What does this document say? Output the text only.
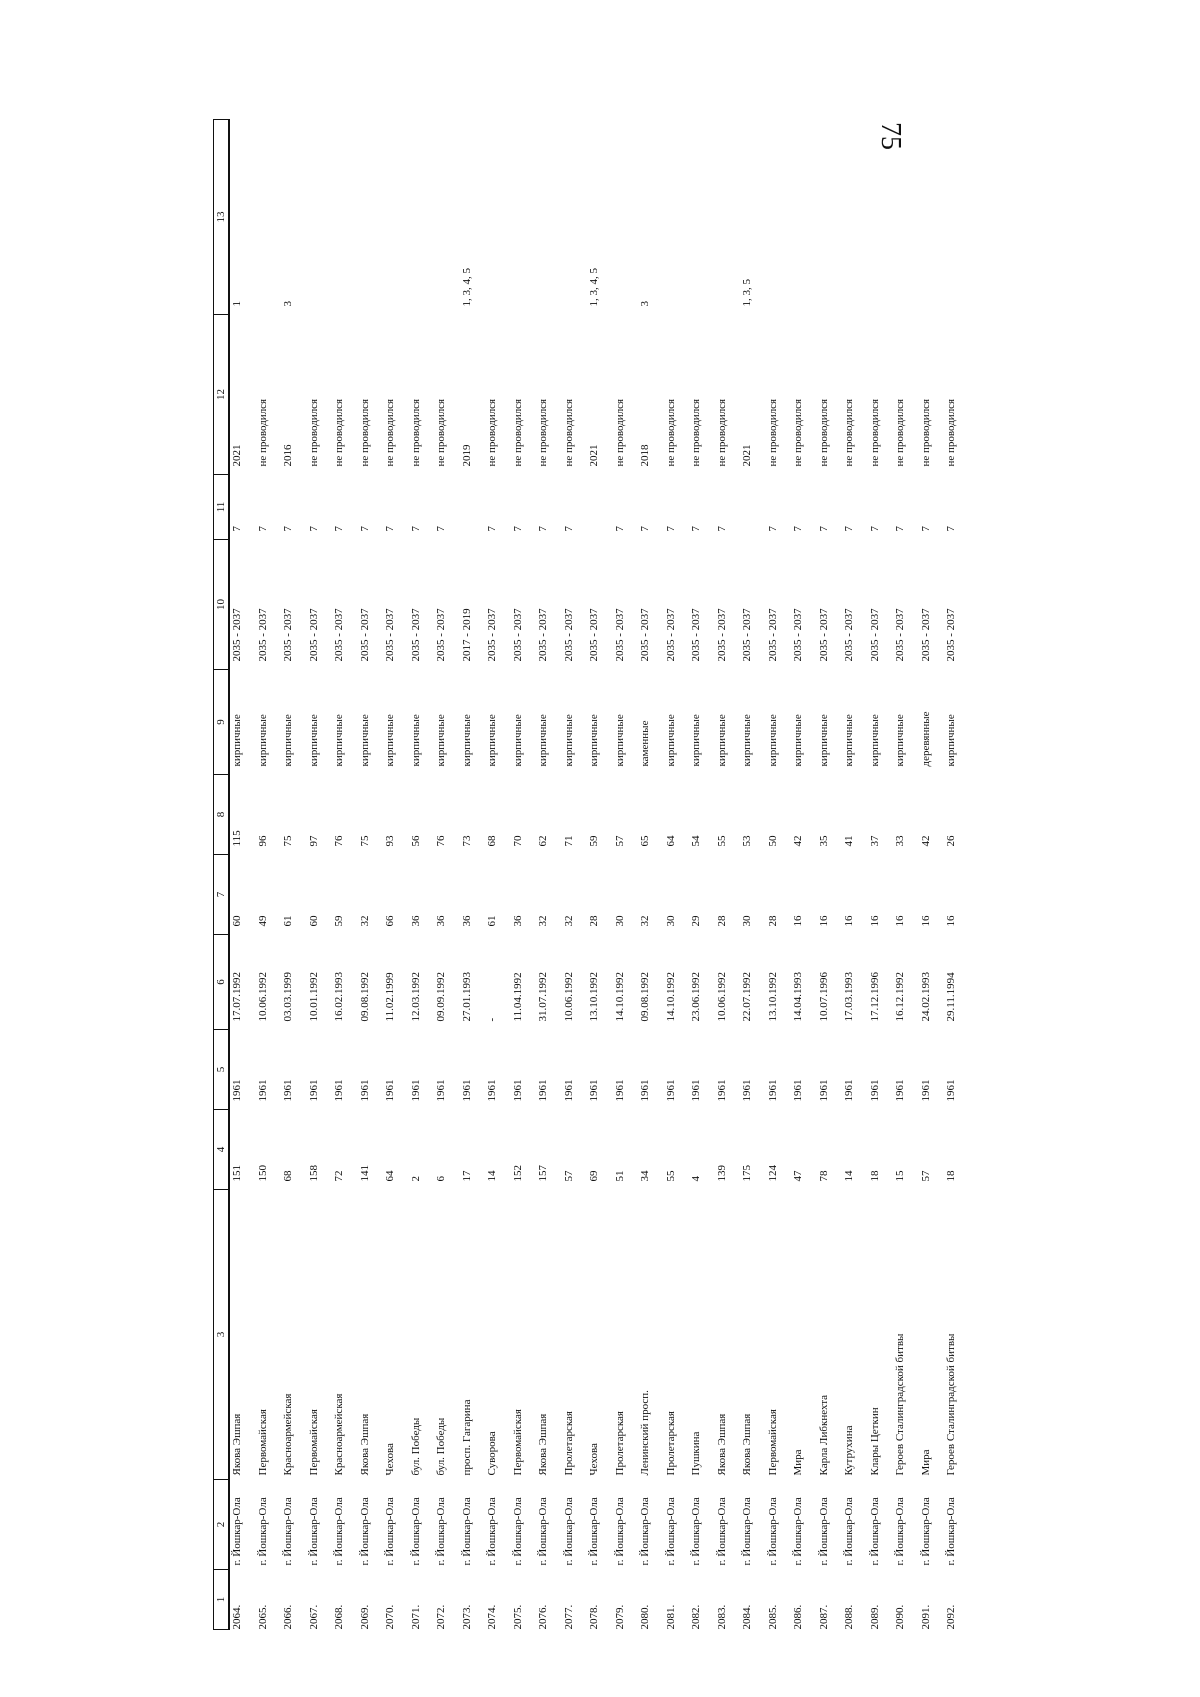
75
1	2	3	4	5	6	7	8	9	10	11	12	13
2064.	г. Йошкар-Ола	Якова Эшпая	151	1961	17.07.1992	60	115	кирпичные	2035 - 2037	7	2021	1
2065.	г. Йошкар-Ола	Первомайская	150	1961	10.06.1992	49	96	кирпичные	2035 - 2037	7	не проводился	
2066.	г. Йошкар-Ола	Красноармейская	68	1961	03.03.1999	61	75	кирпичные	2035 - 2037	7	2016	3
2067.	г. Йошкар-Ола	Первомайская	158	1961	10.01.1992	60	97	кирпичные	2035 - 2037	7	не проводился	
2068.	г. Йошкар-Ола	Красноармейская	72	1961	16.02.1993	59	76	кирпичные	2035 - 2037	7	не проводился	
2069.	г. Йошкар-Ола	Якова Эшпая	141	1961	09.08.1992	32	75	кирпичные	2035 - 2037	7	не проводился	
2070.	г. Йошкар-Ола	Чехова	64	1961	11.02.1999	66	93	кирпичные	2035 - 2037	7	не проводился	
2071.	г. Йошкар-Ола	бул. Победы	2	1961	12.03.1992	36	56	кирпичные	2035 - 2037	7	не проводился	
2072.	г. Йошкар-Ола	бул. Победы	6	1961	09.09.1992	36	76	кирпичные	2035 - 2037	7	не проводился	
2073.	г. Йошкар-Ола	просп. Гагарина	17	1961	27.01.1993	36	73	кирпичные	2017 - 2019		2019	1, 3, 4, 5
2074.	г. Йошкар-Ола	Суворова	14	1961	-	61	68	кирпичные	2035 - 2037	7	не проводился	
2075.	г. Йошкар-Ола	Первомайская	152	1961	11.04.1992	36	70	кирпичные	2035 - 2037	7	не проводился	
2076.	г. Йошкар-Ола	Якова Эшпая	157	1961	31.07.1992	32	62	кирпичные	2035 - 2037	7	не проводился	
2077.	г. Йошкар-Ола	Пролетарская	57	1961	10.06.1992	32	71	кирпичные	2035 - 2037	7	не проводился	
2078.	г. Йошкар-Ола	Чехова	69	1961	13.10.1992	28	59	кирпичные	2035 - 2037		2021	1, 3, 4, 5
2079.	г. Йошкар-Ола	Пролетарская	51	1961	14.10.1992	30	57	кирпичные	2035 - 2037	7	не проводился	
2080.	г. Йошкар-Ола	Ленинский просп.	34	1961	09.08.1992	32	65	каменные	2035 - 2037	7	2018	3
2081.	г. Йошкар-Ола	Пролетарская	55	1961	14.10.1992	30	64	кирпичные	2035 - 2037	7	не проводился	
2082.	г. Йошкар-Ола	Пушкина	4	1961	23.06.1992	29	54	кирпичные	2035 - 2037	7	не проводился	
2083.	г. Йошкар-Ола	Якова Эшпая	139	1961	10.06.1992	28	55	кирпичные	2035 - 2037	7	не проводился	
2084.	г. Йошкар-Ола	Якова Эшпая	175	1961	22.07.1992	30	53	кирпичные	2035 - 2037		2021	1, 3, 5
2085.	г. Йошкар-Ола	Первомайская	124	1961	13.10.1992	28	50	кирпичные	2035 - 2037	7	не проводился	
2086.	г. Йошкар-Ола	Мира	47	1961	14.04.1993	16	42	кирпичные	2035 - 2037	7	не проводился	
2087.	г. Йошкар-Ола	Карла Либкнехта	78	1961	10.07.1996	16	35	кирпичные	2035 - 2037	7	не проводился	
2088.	г. Йошкар-Ола	Кутрухина	14	1961	17.03.1993	16	41	кирпичные	2035 - 2037	7	не проводился	
2089.	г. Йошкар-Ола	Клары Цеткин	18	1961	17.12.1996	16	37	кирпичные	2035 - 2037	7	не проводился	
2090.	г. Йошкар-Ола	Героев Сталинградской битвы	15	1961	16.12.1992	16	33	кирпичные	2035 - 2037	7	не проводился	
2091.	г. Йошкар-Ола	Мира	57	1961	24.02.1993	16	42	деревянные	2035 - 2037	7	не проводился	
2092.	г. Йошкар-Ола	Героев Сталинградской битвы	18	1961	29.11.1994	16	26	кирпичные	2035 - 2037	7	не проводился	
